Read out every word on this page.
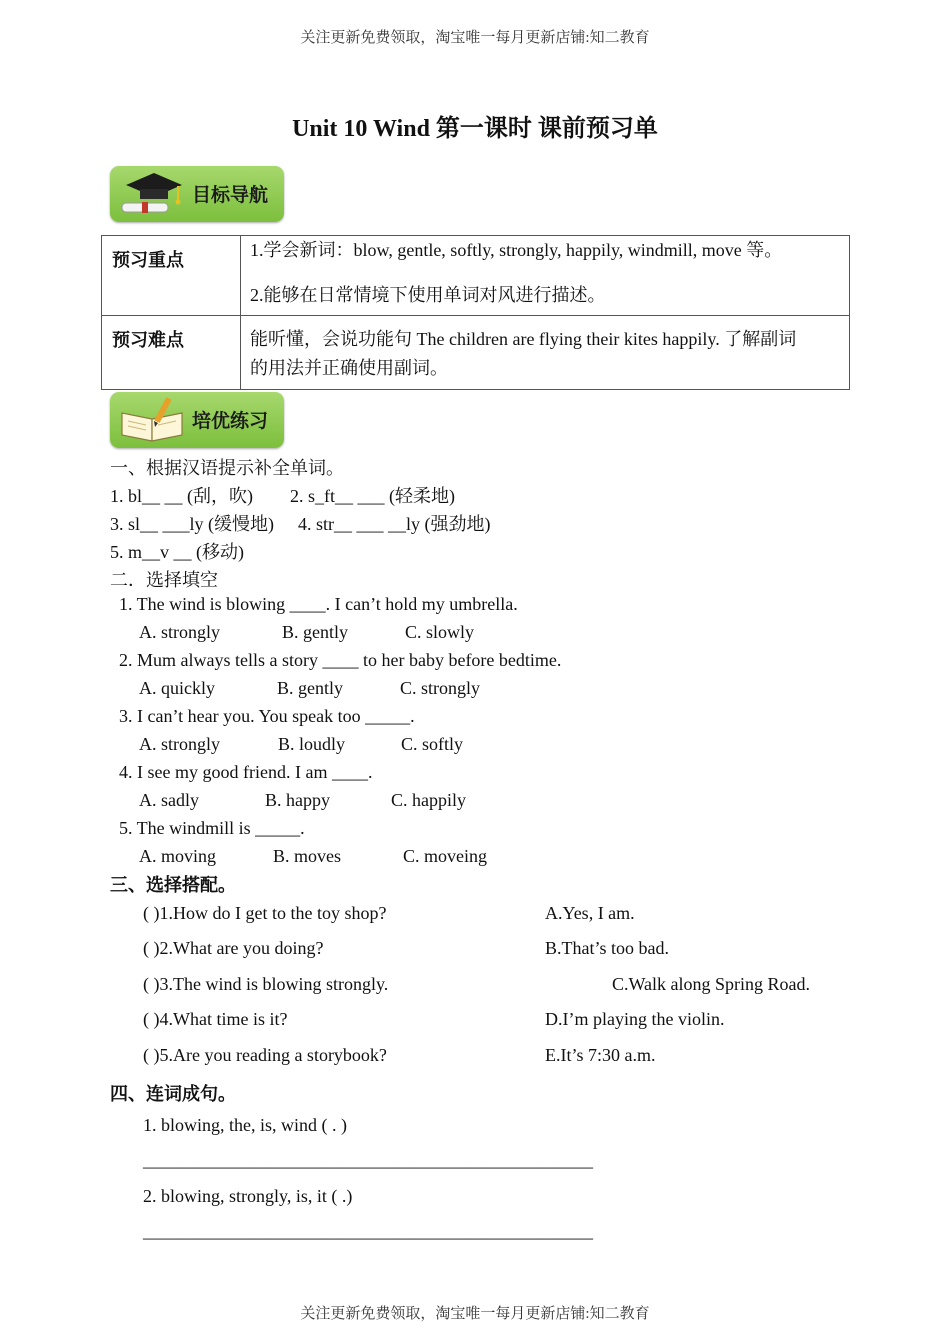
关注更新免费领取，淘宝唯一每月更新店铺:知二教育
Unit 10 Wind 第一课时 课前预习单
目标导航
预习重点	1.学会新词：blow, gentle, softly, strongly, happily, windmill, move 等。
2.能够在日常情境下使用单词对风进行描述。

预习难点	能听懂，会说功能句 The children are flying their kites happily. 了解副词
的用法并正确使用副词。
培优练习
一、根据汉语提示补全单词。
1. bl__ __ (刮，吹) 2. s_ft__ ___ (轻柔地)
3. sl__ ___ly (缓慢地) 4. str__ ___ __ly (强劲地)
5. m__v __ (移动)
二．选择填空
1. The wind is blowing ____. I can’t hold my umbrella.
A. strongly	B. gently	C. slowly
2. Mum always tells a story ____ to her baby before bedtime.
A. quickly	B. gently	C. strongly
3. I can’t hear you. You speak too _____.
A. strongly	B. loudly	C. softly
4. I see my good friend. I am ____.
A. sadly	B. happy	C. happily
5. The windmill is _____.
A. moving	B. moves	C. moveing
三、选择搭配。
( )1.How do I get to the toy shop?	A.Yes, I am.
( )2.What are you doing?	B.That’s too bad.
( )3.The wind is blowing strongly.	C.Walk along Spring Road.
( )4.What time is it?	D.I’m playing the violin.
( )5.Are you reading a storybook?	E.It’s 7:30 a.m.
四、连词成句。
1. blowing, the, is, wind ( . )
__________________________________________________
2. blowing, strongly, is, it ( .)
__________________________________________________
关注更新免费领取，淘宝唯一每月更新店铺:知二教育
